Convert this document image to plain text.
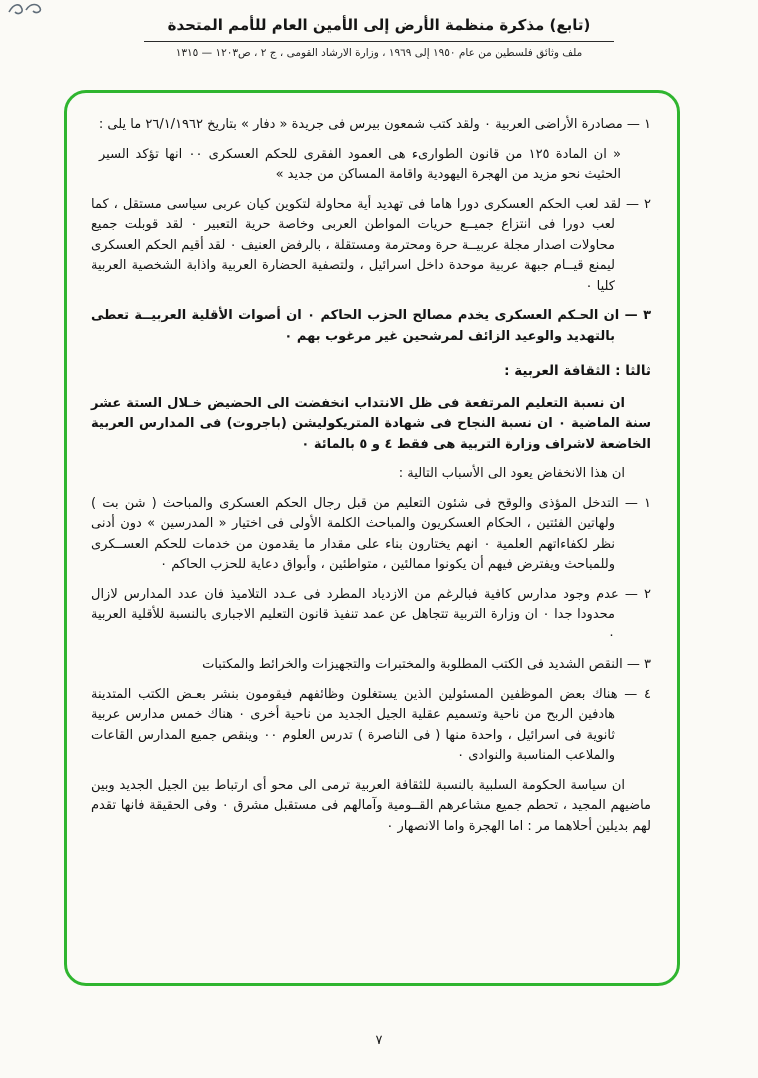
(تابع) مذكرة منظمة الأرض إلى الأمين العام للأمم المتحدة
ملف وثائق فلسطين من عام ١٩٥٠ إلى ١٩٦٩ ، وزارة الارشاد القومى ، ج ٢ ، ص١٢٠٣ — ١٣١٥
١ — مصادرة الأراضى العربية ٠ ولقد كتب شمعون بيرس فى جريدة « دفار » بتاريخ ٢٦/١/١٩٦٢ ما يلى :
« ان المادة ١٢٥ من قانون الطوارىء هى العمود الفقرى للحكم العسكرى ٠٠ انها تؤكد السير الحثيث نحو مزيد من الهجرة اليهودية واقامة المساكن من جديد »
٢ — لقد لعب الحكم العسكرى دورا هاما فى تهديد أية محاولة لتكوين كيان عربى سياسى مستقل ، كما لعب دورا فى انتزاع جميــع حريات المواطن العربى وخاصة حرية التعبير ٠ لقد قوبلت جميع محاولات اصدار مجلة عربيــة حرة ومحترمة ومستقلة ، بالرفض العنيف ٠ لقد أقيم الحكم العسكرى ليمنع قيــام جبهة عربية موحدة داخل اسرائيل ، ولتصفية الحضارة العربية واذابة الشخصية العربية كليا ٠
٣ — ان الحـكم العسكرى يخدم مصالح الحزب الحاكم ٠ ان أصوات الأقلية العربيــة تعطى بالتهديد والوعيد الزائف لمرشحين غير مرغوب بهم ٠
ثالثا : الثقافة العربية :
ان نسبة التعليم المرتفعة فى ظل الانتداب انخفضت الى الحضيض خـلال الستة عشر سنة الماضية ٠ ان نسبة النجاح فى شهادة المتريكوليشن (باجروت) فى المدارس العربية الخاضعة لاشراف وزارة التربية هى فقط ٤ و ٥ بالمائة ٠
ان هذا الانخفاض يعود الى الأسباب التالية :
١ — التدخل المؤذى والوقح فى شئون التعليم من قبل رجال الحكم العسكرى والمباحث ( شن بت ) ولهاتين الفئتين ، الحكام العسكريون والمباحث الكلمة الأولى فى اختيار « المدرسين » دون أدنى نظر لكفاءاتهم العلمية ٠ انهم يختارون بناء على مقدار ما يقدمون من خدمات للحكم العســكرى وللمباحث ويفترض فيهم أن يكونوا ممالئين ، متواطئين ، وأبواق دعاية للحزب الحاكم ٠
٢ — عدم وجود مدارس كافية فبالرغم من الازدياد المطرد فى عـدد التلاميذ فان عدد المدارس لازال محدودا جدا ٠ ان وزارة التربية تتجاهل عن عمد تنفيذ قانون التعليم الاجبارى بالنسبة للأقلية العربية ٠
٣ — النقص الشديد فى الكتب المطلوبة والمختبرات والتجهيزات والخرائط والمكتبات
٤ — هناك بعض الموظفين المسئولين الذين يستغلون وظائفهم فيقومون بنشر بعـض الكتب المتدينة هادفين الربح من ناحية وتسميم عقلية الجيل الجديد من ناحية أخرى ٠ هناك خمس مدارس عربية ثانوية فى اسرائيل ، واحدة منها ( فى الناصرة ) تدرس العلوم ٠٠ وينقص جميع المدارس القاعات والملاعب المناسبة والنوادى ٠
ان سياسة الحكومة السلبية بالنسبة للثقافة العربية ترمى الى محو أى ارتباط بين الجيل الجديد وبين ماضيهم المجيد ، تحطم جميع مشاعرهم القــومية وآمالهم فى مستقبل مشرق ٠ وفى الحقيقة فانها تقدم لهم بديلين أحلاهما مر : اما الهجرة واما الانصهار ٠
٧
